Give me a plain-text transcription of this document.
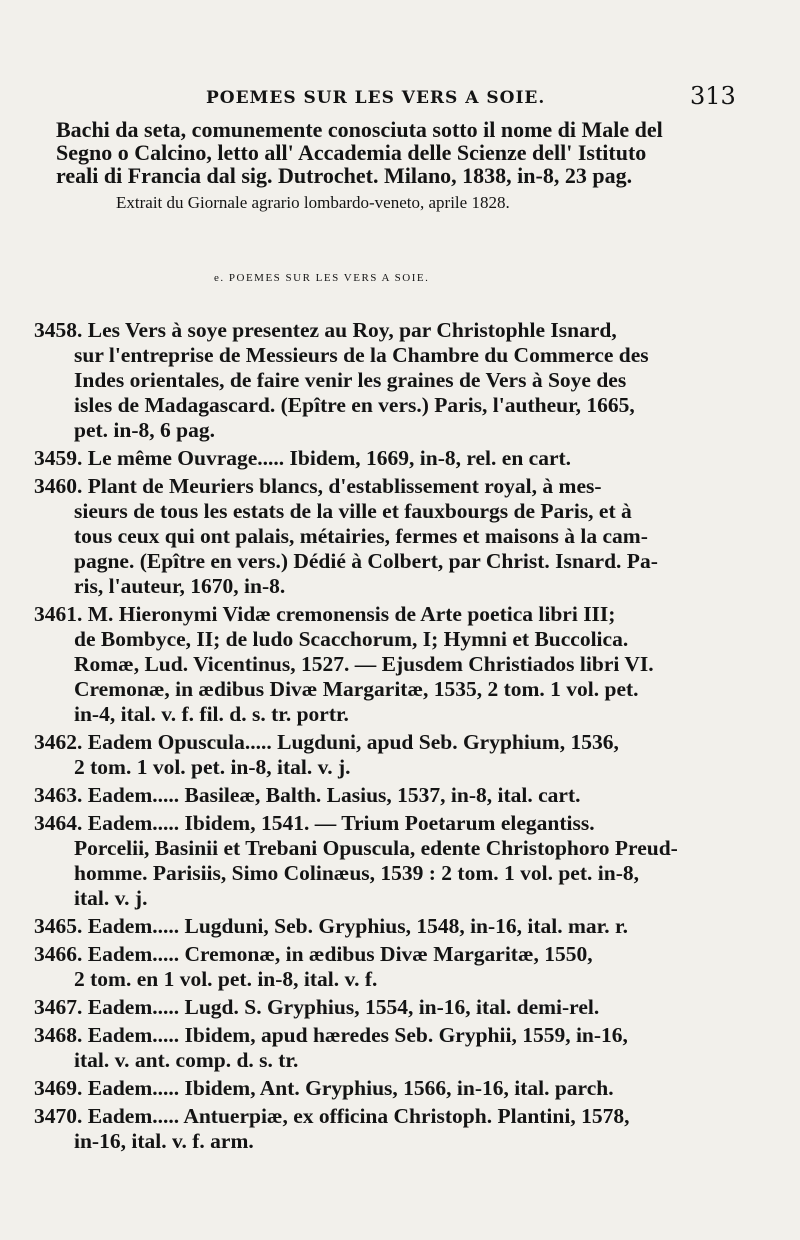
POEMES SUR LES VERS A SOIE.	313

Bachi da seta, comunemente conosciuta sotto il nome di Male del

Segno o Calcino, letto all' Accademia delle Scienze dell' Istituto

reali di Francia dal sig. Dutrochet. Milano, 1838, in-8, 23 pag.

Extrait du Giornale agrario lombardo-veneto, aprile 1828.

e. POEMES SUR LES VERS A SOIE.
3458. Les Vers à soye presentez au Roy, par Christophle Isnard,
sur l'entreprise de Messieurs de la Chambre du Commerce des
Indes orientales, de faire venir les graines de Vers à Soye des
isles de Madagascard. (Epître en vers.) Paris, l'autheur, 1665,
pet. in-8, 6 pag.
3459. Le même Ouvrage..... Ibidem, 1669, in-8, rel. en cart.
3460. Plant de Meuriers blancs, d'establissement royal, à mes-
sieurs de tous les estats de la ville et fauxbourgs de Paris, et à
tous ceux qui ont palais, métairies, fermes et maisons à la cam-
pagne. (Epître en vers.) Dédié à Colbert, par Christ. Isnard. Pa-
ris, l'auteur, 1670, in-8.
3461. M. Hieronymi Vidæ cremonensis de Arte poetica libri III;
de Bombyce, II; de ludo Scacchorum, I; Hymni et Buccolica.
Romæ, Lud. Vicentinus, 1527. — Ejusdem Christiados libri VI.
Cremonæ, in ædibus Divæ Margaritæ, 1535, 2 tom. 1 vol. pet.
in-4, ital. v. f. fil. d. s. tr. portr.
3462. Eadem Opuscula..... Lugduni, apud Seb. Gryphium, 1536,
2 tom. 1 vol. pet. in-8, ital. v. j.
3463. Eadem..... Basileæ, Balth. Lasius, 1537, in-8, ital. cart.
3464. Eadem..... Ibidem, 1541. — Trium Poetarum elegantiss.
Porcelii, Basinii et Trebani Opuscula, edente Christophoro Preud-
homme. Parisiis, Simo Colinæus, 1539 : 2 tom. 1 vol. pet. in-8,
ital. v. j.
3465. Eadem..... Lugduni, Seb. Gryphius, 1548, in-16, ital. mar. r.
3466. Eadem..... Cremonæ, in ædibus Divæ Margaritæ, 1550,
2 tom. en 1 vol. pet. in-8, ital. v. f.
3467. Eadem..... Lugd. S. Gryphius, 1554, in-16, ital. demi-rel.
3468. Eadem..... Ibidem, apud hæredes Seb. Gryphii, 1559, in-16,
ital. v. ant. comp. d. s. tr.
3469. Eadem..... Ibidem, Ant. Gryphius, 1566, in-16, ital. parch.
3470. Eadem..... Antuerpiæ, ex officina Christoph. Plantini, 1578,
in-16, ital. v. f. arm.
